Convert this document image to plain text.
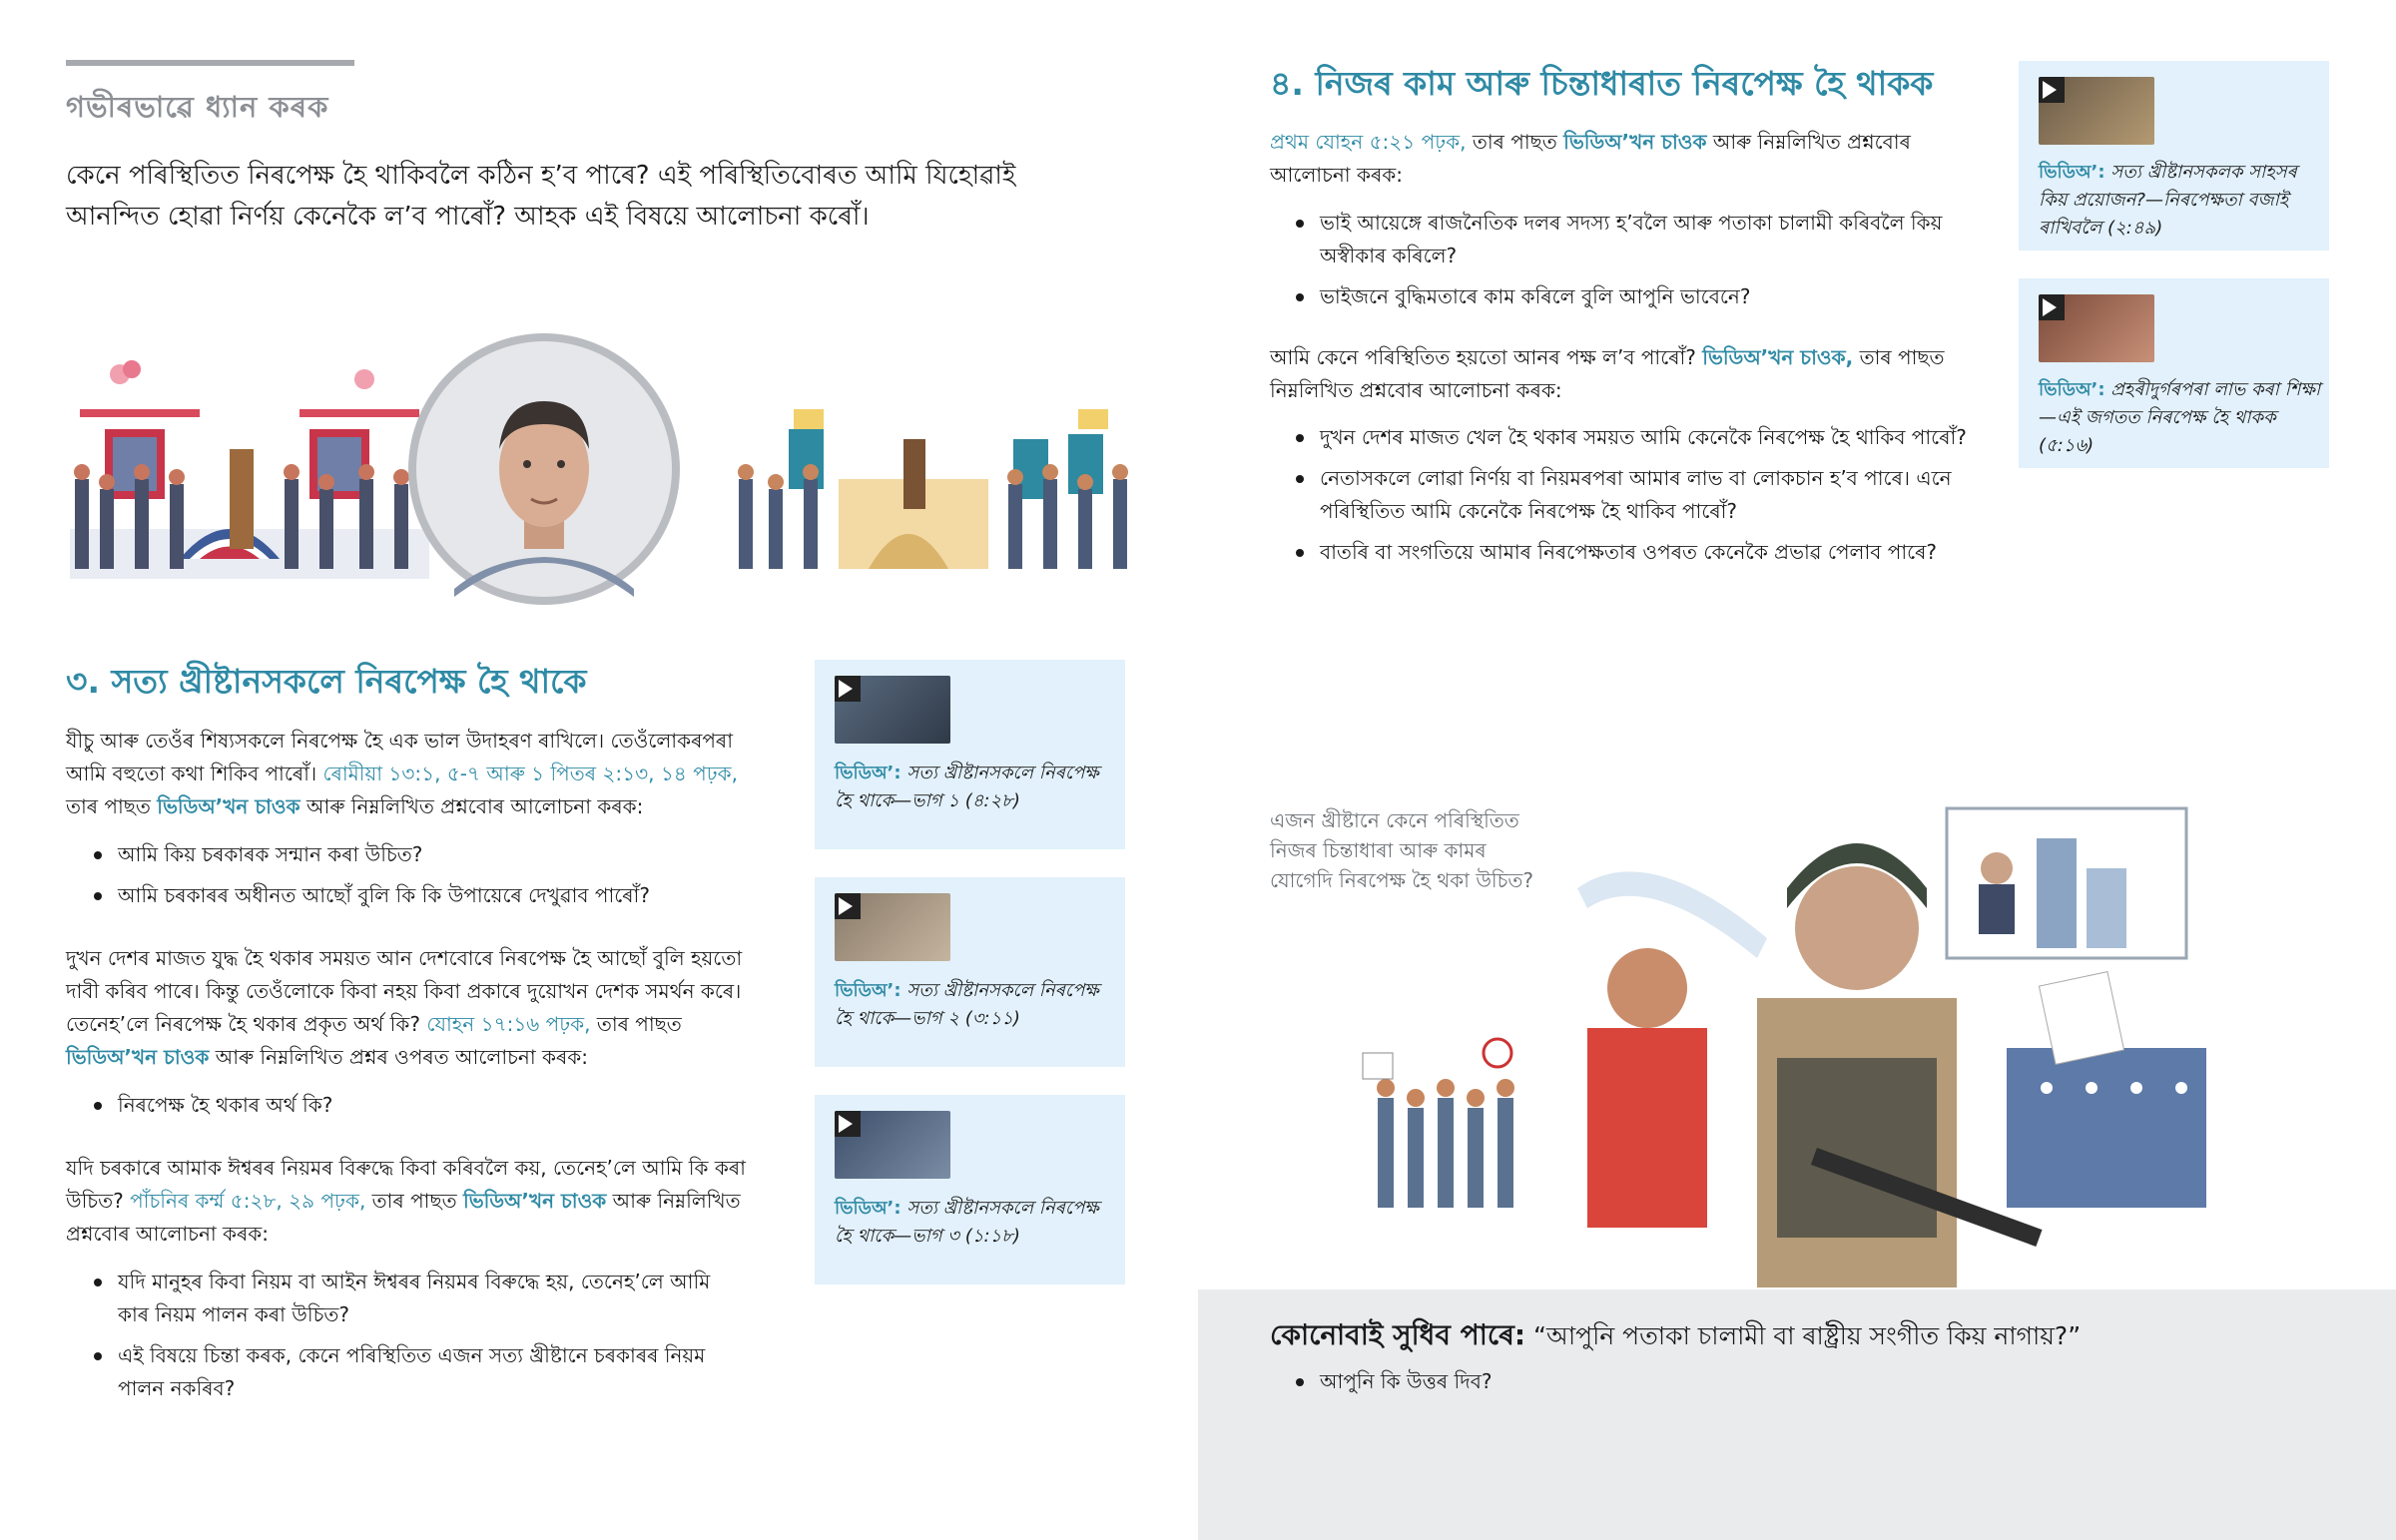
গভীৰভাৱে ধ্যান কৰক
কেনে পৰিস্থিতিত নিৰপেক্ষ হৈ থাকিবলৈ কঠিন হ’ব পাৰে? এই পৰিস্থিতিবোৰত আমি যিহোৱাই আনন্দিত হোৱা নিৰ্ণয় কেনেকৈ ল’ব পাৰোঁ? আহক এই বিষয়ে আলোচনা কৰোঁ।
৩. সত্য খ্ৰীষ্টানসকলে নিৰপেক্ষ হৈ থাকে
যীচু আৰু তেওঁৰ শিষ্যসকলে নিৰপেক্ষ হৈ এক ভাল উদাহৰণ ৰাখিলে। তেওঁলোকৰপৰা আমি বহুতো কথা শিকিব পাৰোঁ। ৰোমীয়া ১৩:১, ৫-৭ আৰু ১ পিতৰ ২:১৩, ১৪ পঢ়ক, তাৰ পাছত ভিডিঅ’খন চাওক আৰু নিম্নলিখিত প্ৰশ্নবোৰ আলোচনা কৰক:
আমি কিয় চৰকাৰক সন্মান কৰা উচিত?
আমি চৰকাৰৰ অধীনত আছোঁ বুলি কি কি উপায়েৰে দেখুৱাব পাৰোঁ?
দুখন দেশৰ মাজত যুদ্ধ হৈ থকাৰ সময়ত আন দেশবোৰে নিৰপেক্ষ হৈ আছোঁ বুলি হয়তো দাবী কৰিব পাৰে। কিন্তু তেওঁলোকে কিবা নহয় কিবা প্ৰকাৰে দুয়োখন দেশক সমৰ্থন কৰে। তেনেহ’লে নিৰপেক্ষ হৈ থকাৰ প্ৰকৃত অৰ্থ কি? যোহন ১৭:১৬ পঢ়ক, তাৰ পাছত ভিডিঅ’খন চাওক আৰু নিম্নলিখিত প্ৰশ্নৰ ওপৰত আলোচনা কৰক:
নিৰপেক্ষ হৈ থকাৰ অৰ্থ কি?
যদি চৰকাৰে আমাক ঈশ্বৰৰ নিয়মৰ বিৰুদ্ধে কিবা কৰিবলৈ কয়, তেনেহ’লে আমি কি কৰা উচিত? পাঁচনিৰ কৰ্ম্ম ৫:২৮, ২৯ পঢ়ক, তাৰ পাছত ভিডিঅ’খন চাওক আৰু নিম্নলিখিত প্ৰশ্নবোৰ আলোচনা কৰক:
যদি মানুহৰ কিবা নিয়ম বা আইন ঈশ্বৰৰ নিয়মৰ বিৰুদ্ধে হয়, তেনেহ’লে আমি কাৰ নিয়ম পালন কৰা উচিত?
এই বিষয়ে চিন্তা কৰক, কেনে পৰিস্থিতিত এজন সত্য খ্ৰীষ্টানে চৰকাৰৰ নিয়ম পালন নকৰিব?
ভিডিঅ’: সত্য খ্ৰীষ্টানসকলে নিৰপেক্ষ হৈ থাকে—ভাগ ১ (৪:২৮)
ভিডিঅ’: সত্য খ্ৰীষ্টানসকলে নিৰপেক্ষ হৈ থাকে—ভাগ ২ (৩:১১)
ভিডিঅ’: সত্য খ্ৰীষ্টানসকলে নিৰপেক্ষ হৈ থাকে—ভাগ ৩ (১:১৮)
৪. নিজৰ কাম আৰু চিন্তাধাৰাত নিৰপেক্ষ হৈ থাকক
প্ৰথম যোহন ৫:২১ পঢ়ক, তাৰ পাছত ভিডিঅ’খন চাওক আৰু নিম্নলিখিত প্ৰশ্নবোৰ আলোচনা কৰক:
ভাই আয়েঙ্গে ৰাজনৈতিক দলৰ সদস্য হ’বলৈ আৰু পতাকা চালামী কৰিবলৈ কিয় অস্বীকাৰ কৰিলে?
ভাইজনে বুদ্ধিমতাৰে কাম কৰিলে বুলি আপুনি ভাবেনে?
আমি কেনে পৰিস্থিতিত হয়তো আনৰ পক্ষ ল’ব পাৰোঁ? ভিডিঅ’খন চাওক, তাৰ পাছত নিম্নলিখিত প্ৰশ্নবোৰ আলোচনা কৰক:
দুখন দেশৰ মাজত খেল হৈ থকাৰ সময়ত আমি কেনেকৈ নিৰপেক্ষ হৈ থাকিব পাৰোঁ?
নেতাসকলে লোৱা নিৰ্ণয় বা নিয়মৰপৰা আমাৰ লাভ বা লোকচান হ’ব পাৰে। এনে পৰিস্থিতিত আমি কেনেকৈ নিৰপেক্ষ হৈ থাকিব পাৰোঁ?
বাতৰি বা সংগতিয়ে আমাৰ নিৰপেক্ষতাৰ ওপৰত কেনেকৈ প্ৰভাৱ পেলাব পাৰে?
ভিডিঅ’: সত্য খ্ৰীষ্টানসকলক সাহসৰ কিয় প্ৰয়োজন?—নিৰপেক্ষতা বজাই ৰাখিবলৈ (২:৪৯)
ভিডিঅ’: প্ৰহৰীদুৰ্গৰপৰা লাভ কৰা শিক্ষা—এই জগতত নিৰপেক্ষ হৈ থাকক (৫:১৬)
এজন খ্ৰীষ্টানে কেনে পৰিস্থিতিত নিজৰ চিন্তাধাৰা আৰু কামৰ যোগেদি নিৰপেক্ষ হৈ থকা উচিত?
কোনোবাই সুধিব পাৰে: “আপুনি পতাকা চালামী বা ৰাষ্ট্ৰীয় সংগীত কিয় নাগায়?”
আপুনি কি উত্তৰ দিব?
